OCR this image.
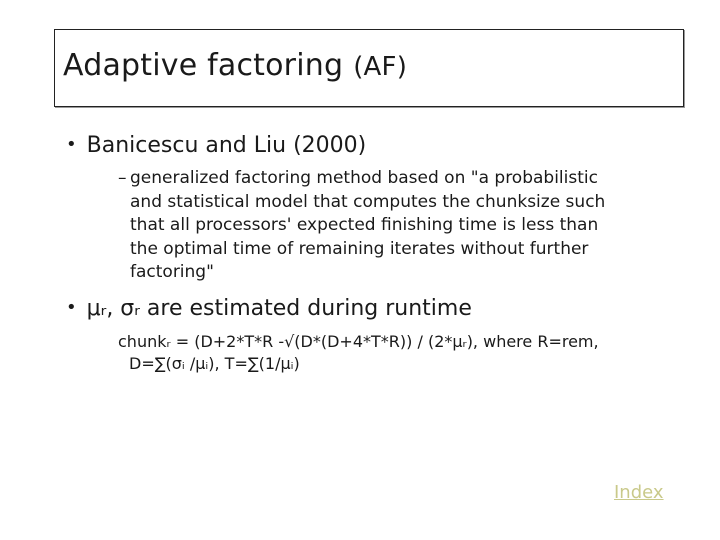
Adaptive factoring (AF)
• Banicescu and Liu (2000)
– generalized factoring method based on "a probabilistic
and statistical model that computes the chunksize such
that all processors' expected finishing time is less than
the optimal time of remaining iterates without further
factoring"
• μᵣ, σᵣ are estimated during runtime
chunkᵣ = (D+2*T*R -√(D*(D+4*T*R)) / (2*μᵣ), where R=rem,
D=∑(σᵢ /μᵢ), T=∑(1/μᵢ)
Index
